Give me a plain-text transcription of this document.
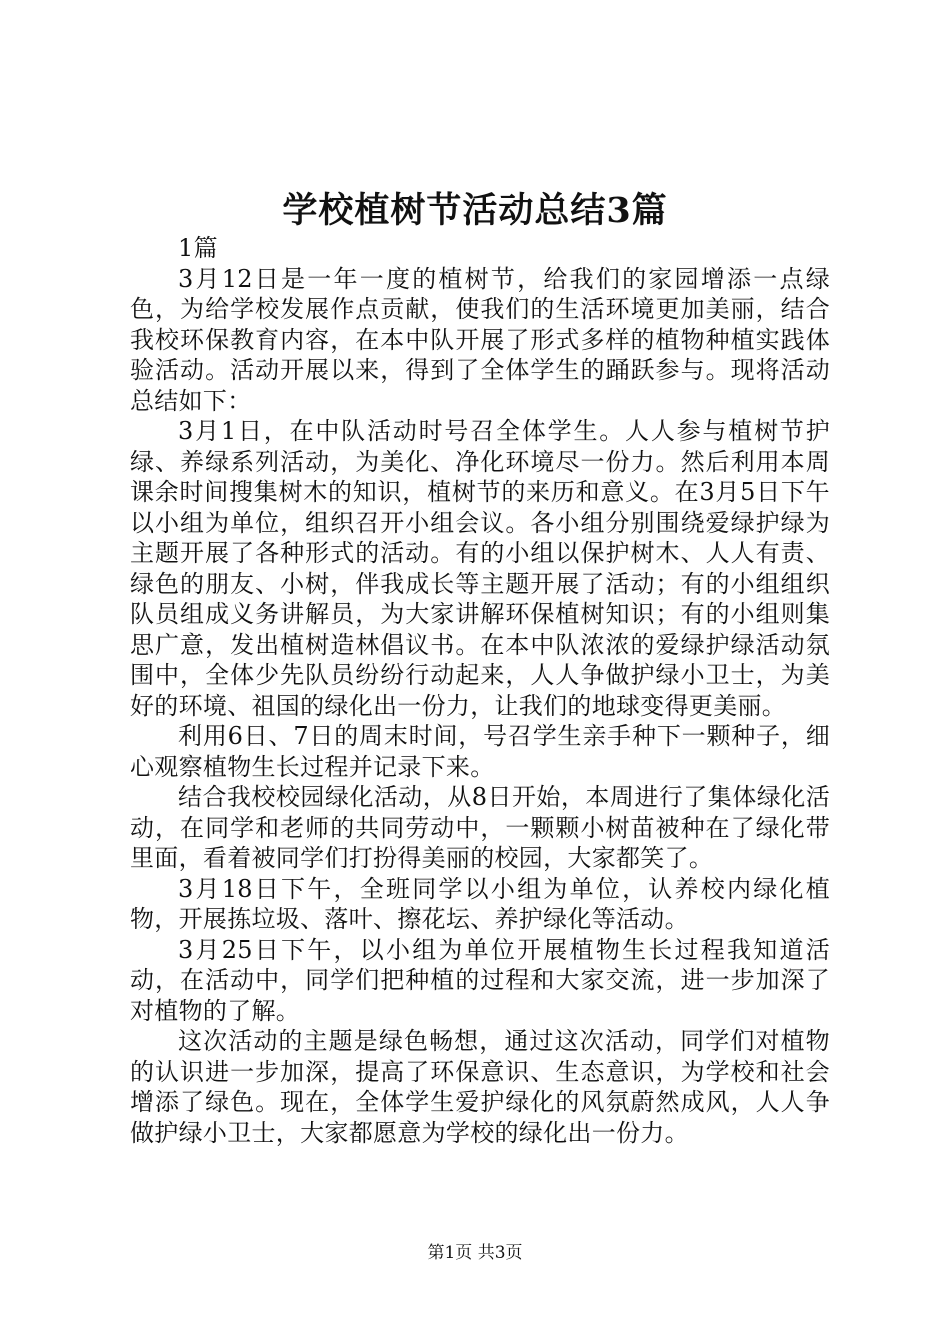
学校植树节活动总结3篇

1篇

3月12日是一年一度的植树节，给我们的家园增添一点绿色，为给学校发展作点贡献，使我们的生活环境更加美丽，结合我校环保教育内容，在本中队开展了形式多样的植物种植实践体验活动。活动开展以来，得到了全体学生的踊跃参与。现将活动总结如下：

3月1日，在中队活动时号召全体学生。人人参与植树节护绿、养绿系列活动，为美化、净化环境尽一份力。然后利用本周课余时间搜集树木的知识，植树节的来历和意义。在3月5日下午以小组为单位，组织召开小组会议。各小组分别围绕爱绿护绿为主题开展了各种形式的活动。有的小组以保护树木、人人有责、绿色的朋友、小树，伴我成长等主题开展了活动；有的小组组织队员组成义务讲解员，为大家讲解环保植树知识；有的小组则集思广意，发出植树造林倡议书。在本中队浓浓的爱绿护绿活动氛围中，全体少先队员纷纷行动起来，人人争做护绿小卫士，为美好的环境、祖国的绿化出一份力，让我们的地球变得更美丽。

利用6日、7日的周末时间，号召学生亲手种下一颗种子，细心观察植物生长过程并记录下来。

结合我校校园绿化活动，从8日开始，本周进行了集体绿化活动，在同学和老师的共同劳动中，一颗颗小树苗被种在了绿化带里面，看着被同学们打扮得美丽的校园，大家都笑了。

3月18日下午，全班同学以小组为单位，认养校内绿化植物，开展拣垃圾、落叶、擦花坛、养护绿化等活动。

3月25日下午，以小组为单位开展植物生长过程我知道活动，在活动中，同学们把种植的过程和大家交流，进一步加深了对植物的了解。

这次活动的主题是绿色畅想，通过这次活动，同学们对植物的认识进一步加深，提高了环保意识、生态意识，为学校和社会增添了绿色。现在，全体学生爱护绿化的风氛蔚然成风，人人争做护绿小卫士，大家都愿意为学校的绿化出一份力。

第1页 共3页
